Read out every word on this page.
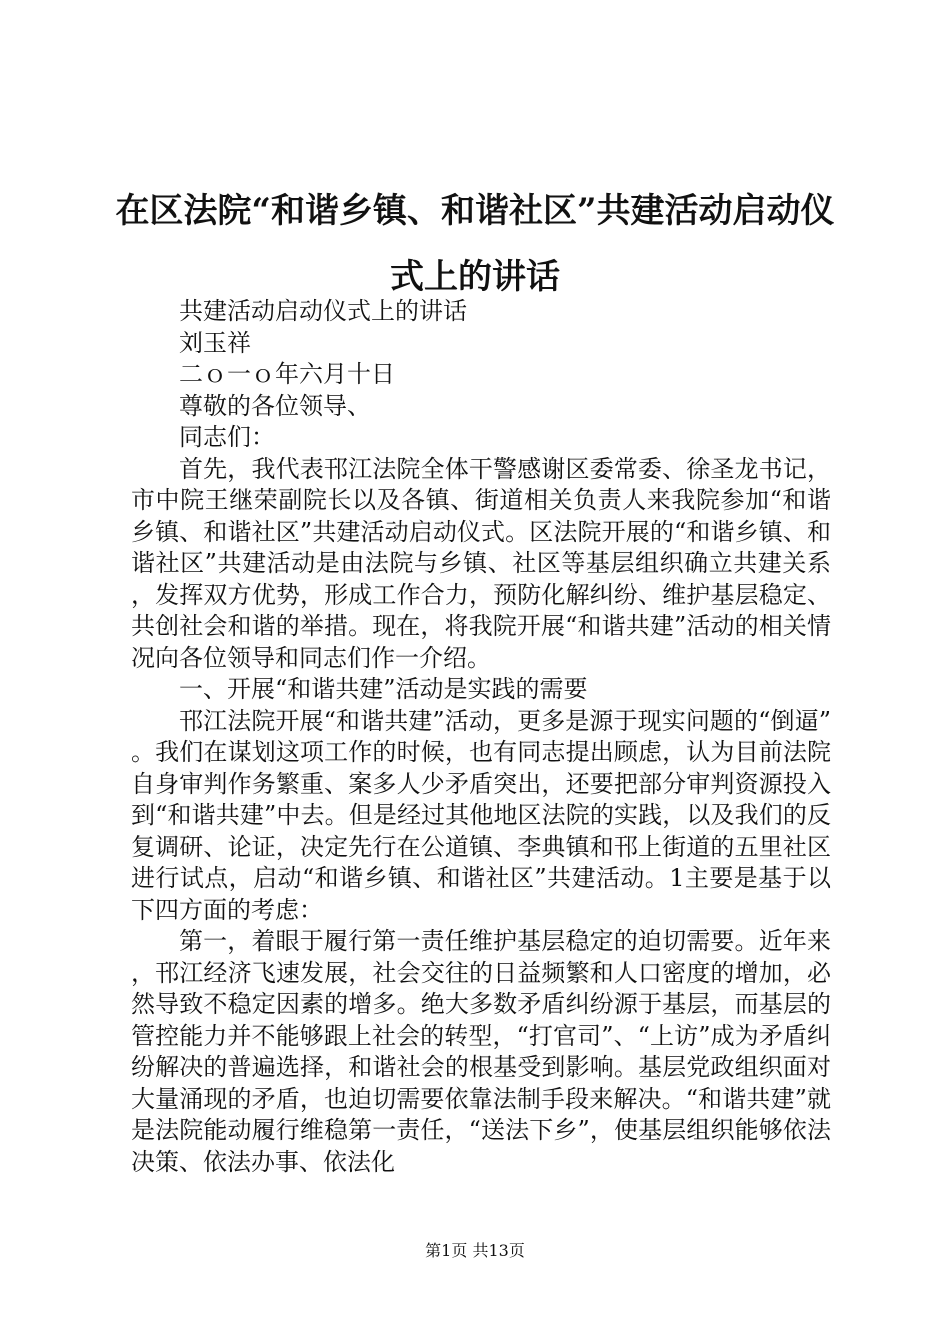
在区法院“和谐乡镇、和谐社区”共建活动启动仪式上的讲话

共建活动启动仪式上的讲话

刘玉祥

二ｏ一ｏ年六月十日

尊敬的各位领导、

同志们：

首先，我代表邗江法院全体干警感谢区委常委、徐圣龙书记，市中院王继荣副院长以及各镇、街道相关负责人来我院参加“和谐乡镇、和谐社区”共建活动启动仪式。区法院开展的“和谐乡镇、和谐社区”共建活动是由法院与乡镇、社区等基层组织确立共建关系，发挥双方优势，形成工作合力，预防化解纠纷、维护基层稳定、共创社会和谐的举措。现在，将我院开展“和谐共建”活动的相关情况向各位领导和同志们作一介绍。

一、开展“和谐共建”活动是实践的需要

邗江法院开展“和谐共建”活动，更多是源于现实问题的“倒逼”。我们在谋划这项工作的时候，也有同志提出顾虑，认为目前法院自身审判作务繁重、案多人少矛盾突出，还要把部分审判资源投入到“和谐共建”中去。但是经过其他地区法院的实践，以及我们的反复调研、论证，决定先行在公道镇、李典镇和邗上街道的五里社区进行试点，启动“和谐乡镇、和谐社区”共建活动。1主要是基于以下四方面的考虑：

第一，着眼于履行第一责任维护基层稳定的迫切需要。近年来，邗江经济飞速发展，社会交往的日益频繁和人口密度的增加，必然导致不稳定因素的增多。绝大多数矛盾纠纷源于基层，而基层的管控能力并不能够跟上社会的转型，“打官司”、“上访”成为矛盾纠纷解决的普遍选择，和谐社会的根基受到影响。基层党政组织面对大量涌现的矛盾，也迫切需要依靠法制手段来解决。“和谐共建”就是法院能动履行维稳第一责任，“送法下乡”，使基层组织能够依法决策、依法办事、依法化

第1页 共13页
